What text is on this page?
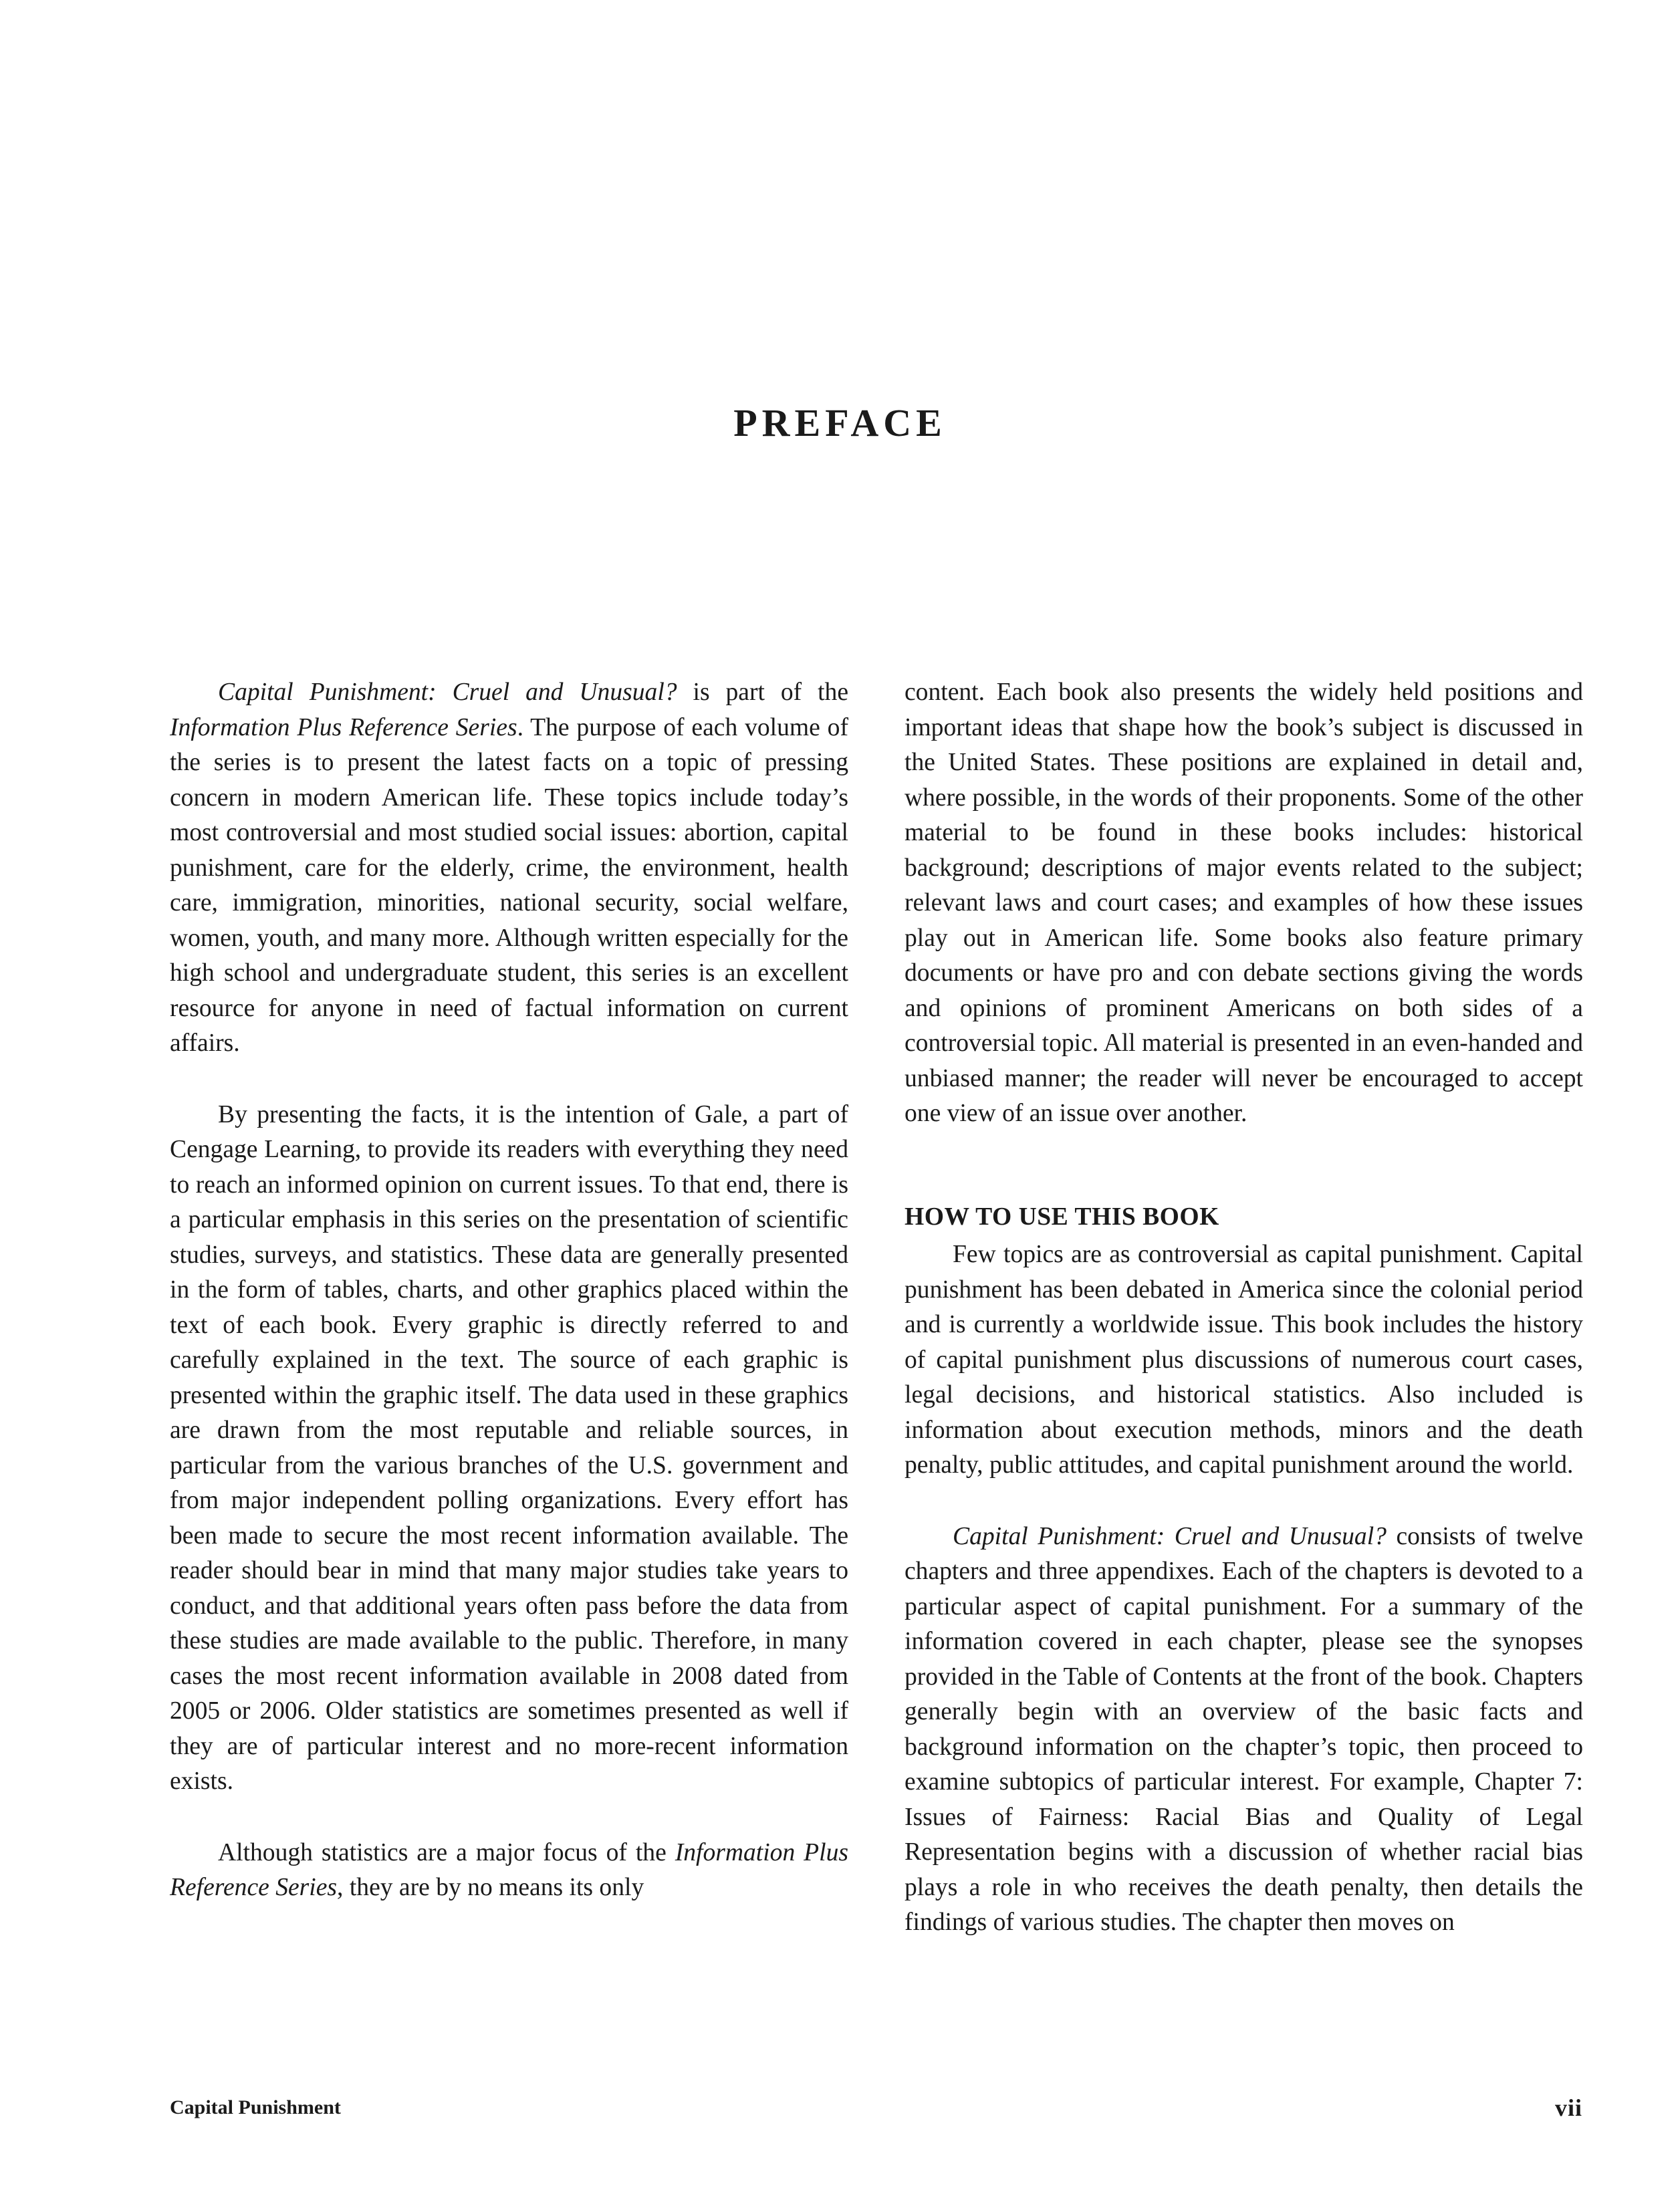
PREFACE

Capital Punishment: Cruel and Unusual? is part of the Information Plus Reference Series. The purpose of each volume of the series is to present the latest facts on a topic of pressing concern in modern American life. These topics include today’s most controversial and most studied social issues: abortion, capital punishment, care for the elderly, crime, the environment, health care, immigration, minorities, national security, social welfare, women, youth, and many more. Although written especially for the high school and undergraduate student, this series is an excellent resource for anyone in need of factual information on current affairs.

By presenting the facts, it is the intention of Gale, a part of Cengage Learning, to provide its readers with everything they need to reach an informed opinion on current issues. To that end, there is a particular emphasis in this series on the presentation of scientific studies, surveys, and statistics. These data are generally presented in the form of tables, charts, and other graphics placed within the text of each book. Every graphic is directly referred to and carefully explained in the text. The source of each graphic is presented within the graphic itself. The data used in these graphics are drawn from the most reputable and reliable sources, in particular from the various branches of the U.S. government and from major independent polling organizations. Every effort has been made to secure the most recent information available. The reader should bear in mind that many major studies take years to conduct, and that additional years often pass before the data from these studies are made available to the public. Therefore, in many cases the most recent information available in 2008 dated from 2005 or 2006. Older statistics are sometimes presented as well if they are of particular interest and no more-recent information exists.

Although statistics are a major focus of the Information Plus Reference Series, they are by no means its only

content. Each book also presents the widely held positions and important ideas that shape how the book’s subject is discussed in the United States. These positions are explained in detail and, where possible, in the words of their proponents. Some of the other material to be found in these books includes: historical background; descriptions of major events related to the subject; relevant laws and court cases; and examples of how these issues play out in American life. Some books also feature primary documents or have pro and con debate sections giving the words and opinions of prominent Americans on both sides of a controversial topic. All material is presented in an even-handed and unbiased manner; the reader will never be encouraged to accept one view of an issue over another.

HOW TO USE THIS BOOK

Few topics are as controversial as capital punishment. Capital punishment has been debated in America since the colonial period and is currently a worldwide issue. This book includes the history of capital punishment plus discussions of numerous court cases, legal decisions, and historical statistics. Also included is information about execution methods, minors and the death penalty, public attitudes, and capital punishment around the world.

Capital Punishment: Cruel and Unusual? consists of twelve chapters and three appendixes. Each of the chapters is devoted to a particular aspect of capital punishment. For a summary of the information covered in each chapter, please see the synopses provided in the Table of Contents at the front of the book. Chapters generally begin with an overview of the basic facts and background information on the chapter’s topic, then proceed to examine subtopics of particular interest. For example, Chapter 7: Issues of Fairness: Racial Bias and Quality of Legal Representation begins with a discussion of whether racial bias plays a role in who receives the death penalty, then details the findings of various studies. The chapter then moves on

Capital Punishment	vii
